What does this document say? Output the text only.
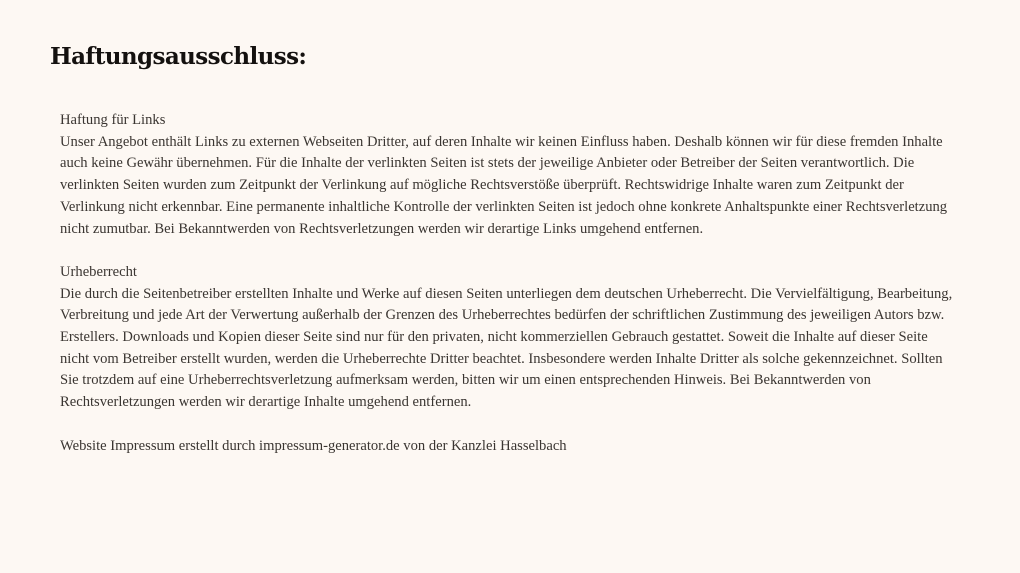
Haftungsausschluss:

Haftung für Links

Unser Angebot enthält Links zu externen Webseiten Dritter, auf deren Inhalte wir keinen Einfluss haben. Deshalb können wir für diese fremden Inhalte auch keine Gewähr übernehmen. Für die Inhalte der verlinkten Seiten ist stets der jeweilige Anbieter oder Betreiber der Seiten verantwortlich. Die verlinkten Seiten wurden zum Zeitpunkt der Verlinkung auf mögliche Rechtsverstöße überprüft. Rechtswidrige Inhalte waren zum Zeitpunkt der Verlinkung nicht erkennbar. Eine permanente inhaltliche Kontrolle der verlinkten Seiten ist jedoch ohne konkrete Anhaltspunkte einer Rechtsverletzung nicht zumutbar. Bei Bekanntwerden von Rechtsverletzungen werden wir derartige Links umgehend entfernen.

Urheberrecht

Die durch die Seitenbetreiber erstellten Inhalte und Werke auf diesen Seiten unterliegen dem deutschen Urheberrecht. Die Vervielfältigung, Bearbeitung, Verbreitung und jede Art der Verwertung außerhalb der Grenzen des Urheberrechtes bedürfen der schriftlichen Zustimmung des jeweiligen Autors bzw. Erstellers. Downloads und Kopien dieser Seite sind nur für den privaten, nicht kommerziellen Gebrauch gestattet. Soweit die Inhalte auf dieser Seite nicht vom Betreiber erstellt wurden, werden die Urheberrechte Dritter beachtet. Insbesondere werden Inhalte Dritter als solche gekennzeichnet. Sollten Sie trotzdem auf eine Urheberrechtsverletzung aufmerksam werden, bitten wir um einen entsprechenden Hinweis. Bei Bekanntwerden von Rechtsverletzungen werden wir derartige Inhalte umgehend entfernen.

Website Impressum erstellt durch impressum-generator.de von der Kanzlei Hasselbach
